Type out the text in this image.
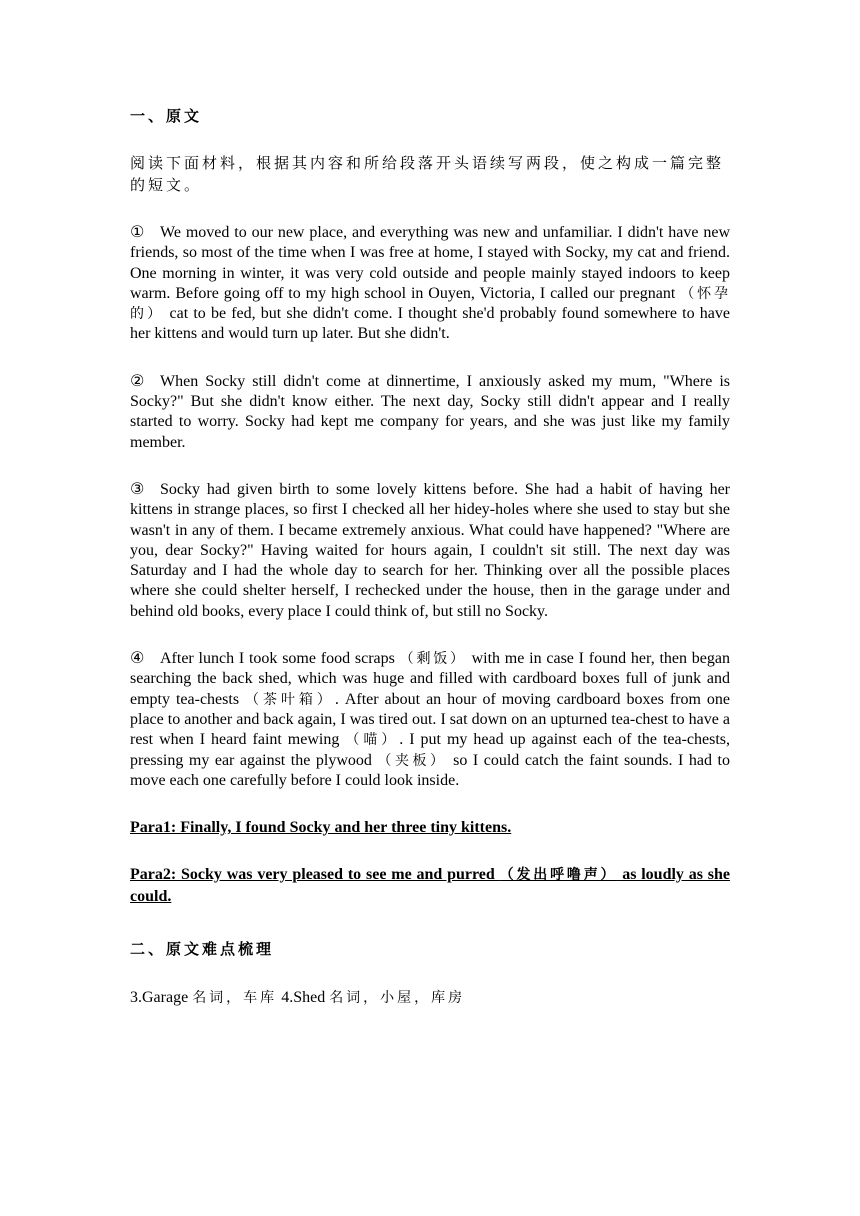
一、原文

阅读下面材料，根据其内容和所给段落开头语续写两段，使之构成一篇完整的短文。

① We moved to our new place, and everything was new and unfamiliar. I didn't have new friends, so most of the time when I was free at home, I stayed with Socky, my cat and friend. One morning in winter, it was very cold outside and people mainly stayed indoors to keep warm. Before going off to my high school in Ouyen, Victoria, I called our pregnant （怀孕的） cat to be fed, but she didn't come. I thought she'd probably found somewhere to have her kittens and would turn up later. But she didn't.

② When Socky still didn't come at dinnertime, I anxiously asked my mum, "Where is Socky?" But she didn't know either. The next day, Socky still didn't appear and I really started to worry. Socky had kept me company for years, and she was just like my family member.

③ Socky had given birth to some lovely kittens before. She had a habit of having her kittens in strange places, so first I checked all her hidey-holes where she used to stay but she wasn't in any of them. I became extremely anxious. What could have happened? "Where are you, dear Socky?" Having waited for hours again, I couldn't sit still. The next day was Saturday and I had the whole day to search for her. Thinking over all the possible places where she could shelter herself, I rechecked under the house, then in the garage under and behind old books, every place I could think of, but still no Socky.

④ After lunch I took some food scraps （剩饭） with me in case I found her, then began searching the back shed, which was huge and filled with cardboard boxes full of junk and empty tea-chests （茶叶箱）. After about an hour of moving cardboard boxes from one place to another and back again, I was tired out. I sat down on an upturned tea-chest to have a rest when I heard faint mewing （喵）. I put my head up against each of the tea-chests, pressing my ear against the plywood （夹板） so I could catch the faint sounds. I had to move each one carefully before I could look inside.

Para1: Finally, I found Socky and her three tiny kittens.

Para2: Socky was very pleased to see me and purred （发出呼噜声） as loudly as she could.

二、原文难点梳理

3.Garage 名词，车库 4.Shed 名词，小屋，库房
